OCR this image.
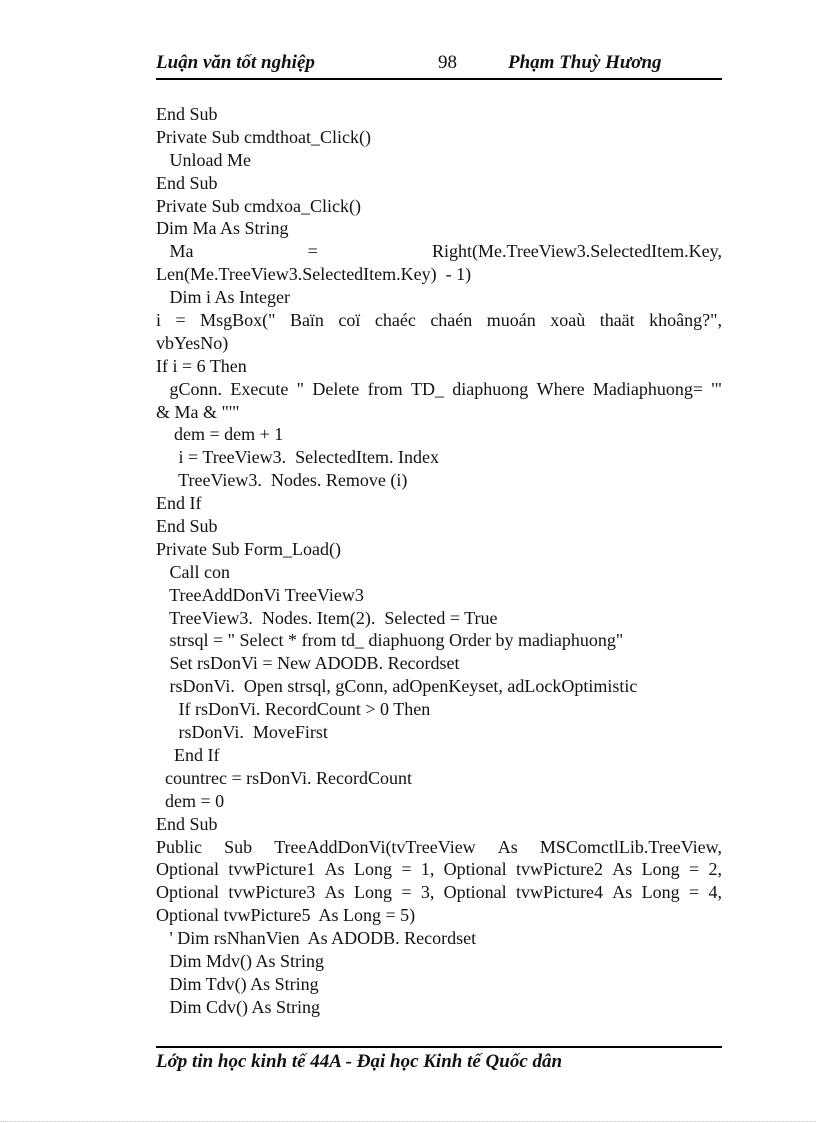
Luận văn tốt nghiệp	98	Phạm Thuỳ Hương
End Sub
Private Sub cmdthoat_Click()
Unload Me
End Sub
Private Sub cmdxoa_Click()
Dim Ma As String
Ma	=	Right(Me.TreeView3.SelectedItem.Key,
Len(Me.TreeView3.SelectedItem.Key)  - 1)
Dim i As Integer
i = MsgBox(" Baïn coï chaéc chaén muoán xoaù thaät khoâng?",
vbYesNo)
If i = 6 Then
gConn. Execute " Delete from TD_ diaphuong Where Madiaphuong= '"
& Ma & "'"
dem = dem + 1
i = TreeView3.  SelectedItem. Index
TreeView3.  Nodes. Remove (i)
End If
End Sub
Private Sub Form_Load()
Call con
TreeAddDonVi TreeView3
TreeView3.  Nodes. Item(2).  Selected = True
strsql = " Select * from td_ diaphuong Order by madiaphuong"
Set rsDonVi = New ADODB. Recordset
rsDonVi.  Open strsql, gConn, adOpenKeyset, adLockOptimistic
If rsDonVi. RecordCount > 0 Then
rsDonVi.  MoveFirst
End If
countrec = rsDonVi. RecordCount
dem = 0
End Sub
Public Sub TreeAddDonVi(tvTreeView As MSComctlLib.TreeView,
Optional tvwPicture1 As Long = 1, Optional tvwPicture2 As Long = 2,
Optional tvwPicture3 As Long = 3, Optional tvwPicture4 As Long = 4,
Optional tvwPicture5  As Long = 5)
' Dim rsNhanVien  As ADODB. Recordset
Dim Mdv() As String
Dim Tdv() As String
Dim Cdv() As String
Lớp tin học kinh tế 44A - Đại học Kinh tế Quốc dân
